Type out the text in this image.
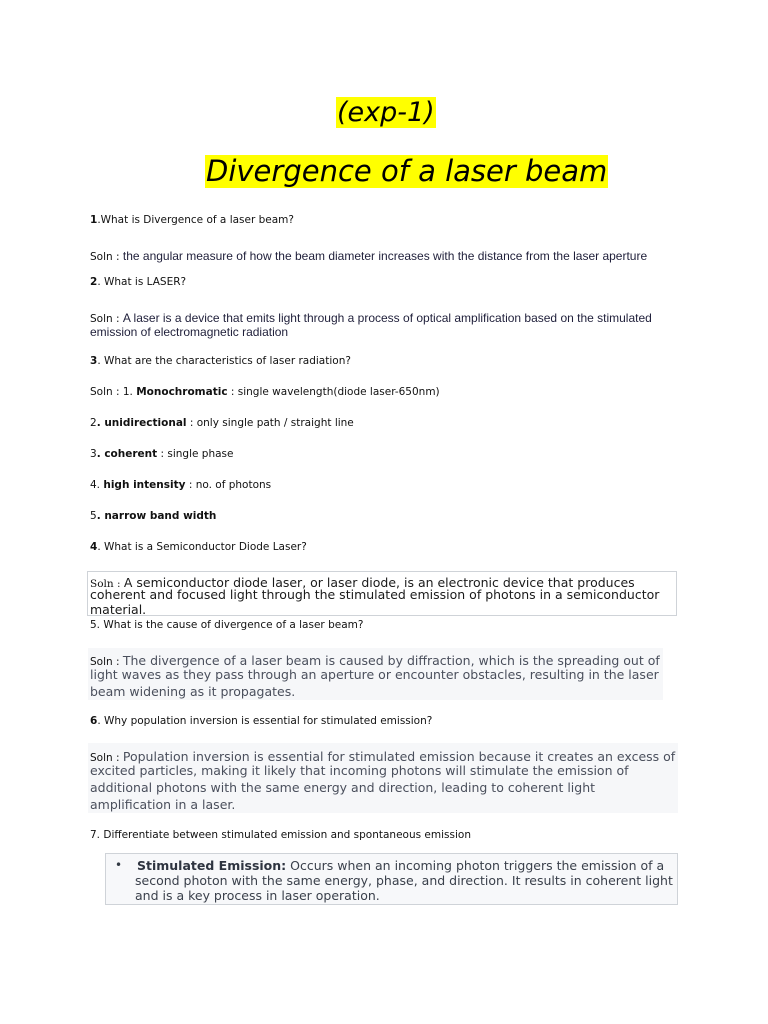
(exp-1)
Divergence of a laser beam
1.What is Divergence of a laser beam?
Soln : the angular measure of how the beam diameter increases with the distance from the laser aperture
2. What is LASER?
Soln : A laser is a device that emits light through a process of optical amplification based on the stimulated
emission of electromagnetic radiation
3. What are the characteristics of laser radiation?
Soln : 1. Monochromatic : single wavelength(diode laser-650nm)
2. unidirectional : only single path / straight line
3. coherent : single phase
4. high intensity : no. of photons
5. narrow band width
4. What is a Semiconductor Diode Laser?
Soln : A semiconductor diode laser, or laser diode, is an electronic device that produces
coherent and focused light through the stimulated emission of photons in a semiconductor
material.
5. What is the cause of divergence of a laser beam?
Soln : The divergence of a laser beam is caused by diffraction, which is the spreading out of
light waves as they pass through an aperture or encounter obstacles, resulting in the laser
beam widening as it propagates.
6. Why population inversion is essential for stimulated emission?
Soln : Population inversion is essential for stimulated emission because it creates an excess of
excited particles, making it likely that incoming photons will stimulate the emission of
additional photons with the same energy and direction, leading to coherent light
amplification in a laser.
7. Differentiate between stimulated emission and spontaneous emission
• Stimulated Emission: Occurs when an incoming photon triggers the emission of a
second photon with the same energy, phase, and direction. It results in coherent light
and is a key process in laser operation.
